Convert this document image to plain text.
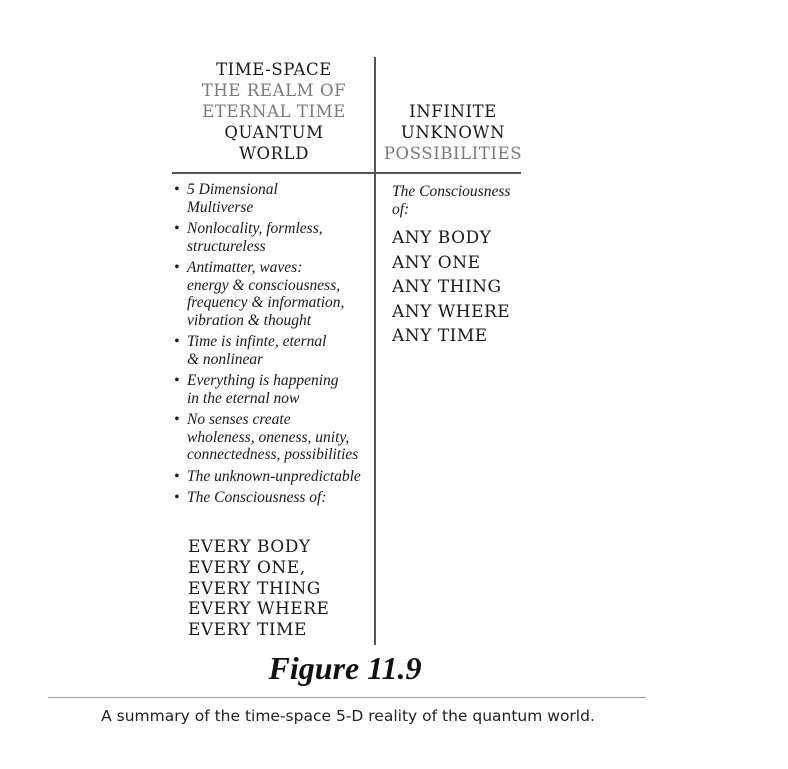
TIME-SPACE
THE REALM OF
ETERNAL TIME
QUANTUM
WORLD
INFINITE
UNKNOWN
POSSIBILITIES
• 5 Dimensional
Multiverse
• Nonlocality, formless,
structureless
• Antimatter, waves:
energy & consciousness,
frequency & information,
vibration & thought
• Time is infinte, eternal
& nonlinear
• Everything is happening
in the eternal now
• No senses create
wholeness, oneness, unity,
connectedness, possibilities
• The unknown-unpredictable
• The Consciousness of:
EVERY BODY
EVERY ONE,
EVERY THING
EVERY WHERE
EVERY TIME
The Consciousness
of:
ANY BODY
ANY ONE
ANY THING
ANY WHERE
ANY TIME
Figure 11.9
A summary of the time-space 5-D reality of the quantum world.
